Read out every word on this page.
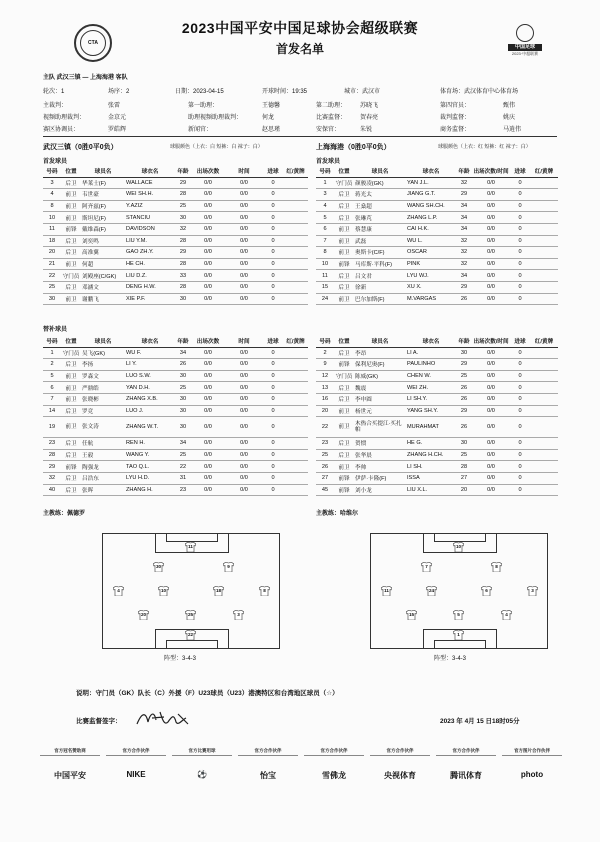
CTA
中国足球
2023·中超联赛
2023中国平安中国足球协会超级联赛
首发名单
主队 武汉三镇 — 上海海港 客队
轮次：1	场序：2	日期：2023-04-15	开球时间：19:35	城市：武汉市	体育场：武汉体育中心体育场
主裁判：	张雷	第一助理：	王德馨	第二助理： 苏晓飞	第四官员：	甄伟
视频助理裁判：	金京元	助理视频助理裁判：	何龙	比赛监督： 贺春亮	裁判监督：	姚庆
赛区协调员：	罗皓辉	新闻官：	赵思瑾	安保官：	朱锐	商务监督：	马逍伟
武汉三镇（0胜0平0负）	球服颜色（上衣：白 短裤：白 袜子：白）	上海海港（0胜0平0负）	球服颜色（上衣：红 短裤：红 袜子：白）
首发球员	首发球员
号码	位置	球员名	球衣名	年龄	出场次数	时间	进球	红/黄牌
3	后卫	华莱士(F)	WALLACE	29	0/0	0/0	0	
4	前卫	韦世豪	WEI SH.H.	28	0/0	0/0	0	
8	前卫	阿齐兹(F)	Y.AZIZ	25	0/0	0/0	0	
10	前卫	斯坦尼(F)	STANCIU	30	0/0	0/0	0	
11	前锋	戴维森(F)	DAVIDSON	32	0/0	0/0	0	
18	后卫	刘奕鸣	LIU Y.M.	28	0/0	0/0	0	
20	后卫	高准翼	GAO ZH.Y.	29	0/0	0/0	0	
21	前卫	何超	HE CH.	28	0/0	0/0	0	
22	守门员	刘殿座(C/GK)	LIU D.Z.	33	0/0	0/0	0	
25	后卫	邓涵文	DENG H.W.	28	0/0	0/0	0	
30	前卫	谢鹏飞	XIE P.F.	30	0/0	0/0	0	
号码	位置	球员名	球衣名	年龄	出场次数/时间	进球	红/黄牌
1	守门员	颜骏凌(GK)	YAN J.L.	32	0/0	0	
3	后卫	蒋光太	JIANG G.T.	29	0/0	0	
4	后卫	王燊超	WANG SH.CH.	34	0/0	0	
5	后卫	张琳芃	ZHANG L.P.	34	0/0	0	
6	前卫	蔡慧康	CAI H.K.	34	0/0	0	
7	前卫	武磊	WU L.	32	0/0	0	
8	前卫	奥斯卡(C/F)	OSCAR	32	0/0	0	
10	前锋	马库斯·平科(F)	PINK	32	0/0	0	
11	后卫	吕文君	LYU WJ.	34	0/0	0	
15	后卫	徐新	XU X.	29	0/0	0	
24	前卫	巴尔加斯(F)	M.VARGAS	26	0/0	0	
替补球员
号码	位置	球员名	球衣名	年龄	出场次数	时间	进球	红/黄牌
1	守门员	吴飞(GK)	WU F.	34	0/0	0/0	0	
2	后卫	李扬	LI Y.	26	0/0	0/0	0	
5	前卫	罗森文	LUO S.W.	30	0/0	0/0	0	
6	前卫	严鼎皓	YAN D.H.	25	0/0	0/0	0	
7	前卫	张晓彬	ZHANG X.B.	30	0/0	0/0	0	
14	后卫	罗竞	LUO J.	30	0/0	0/0	0	
19	前卫	张文涛	ZHANG W.T.	30	0/0	0/0	0	
23	后卫	任航	REN H.	34	0/0	0/0	0	
28	后卫	王毅	WANG Y.	25	0/0	0/0	0	
29	前锋	陶强龙	TAO Q.L.	22	0/0	0/0	0	
32	后卫	吕浩东	LYU H.D.	31	0/0	0/0	0	
40	后卫	张晖	ZHANG H.	23	0/0	0/0	0	
号码	位置	球员名	球衣名	年龄	出场次数/时间	进球	红/黄牌
2	后卫	李昂	LI A.	30	0/0	0	
9	前锋	保利尼奥(F)	PAULINHO	29	0/0	0	
12	守门员	陈威(GK)	CHEN W.	25	0/0	0	
13	后卫	魏震	WEI ZH.	26	0/0	0	
16	后卫	李申圆	LI SH.Y.	26	0/0	0	
20	前卫	杨世元	YANG SH.Y.	29	0/0	0	
22	前卫	木热合买提江·买扎帕	MURAHMAT	26	0/0	0	
23	后卫	贺惯	HE G.	30	0/0	0	
25	后卫	张华晨	ZHANG H.CH.	25	0/0	0	
26	前卫	李帅	LI SH.	28	0/0	0	
27	前锋	伊萨·卡隆(F)	ISSA	27	0/0	0	
45	前锋	刘小龙	LIU X.L.	20	0/0	0	
主教练：佩德罗	主教练：哈维尔
11
9
30
4	10	18	8
20	25	3
22
10
8
7
11	24	6	3
15	5	4
1
阵型：3-4-3	阵型：3-4-3
说明：守门员（GK）队长（C）外援（F）U23球员（U23）港澳特区和台湾地区球员（☆）
比赛监督签字：	2023 年 4月 15 日18时05分
官方冠名赞助商
中国平安
官方合作伙伴
NIKE
官方比赛用球
⚽
官方合作伙伴
怡宝
官方合作伙伴
雪佛龙
官方合作伙伴
央视体育
官方合作伙伴
腾讯体育
官方图片合作伙伴
photo
